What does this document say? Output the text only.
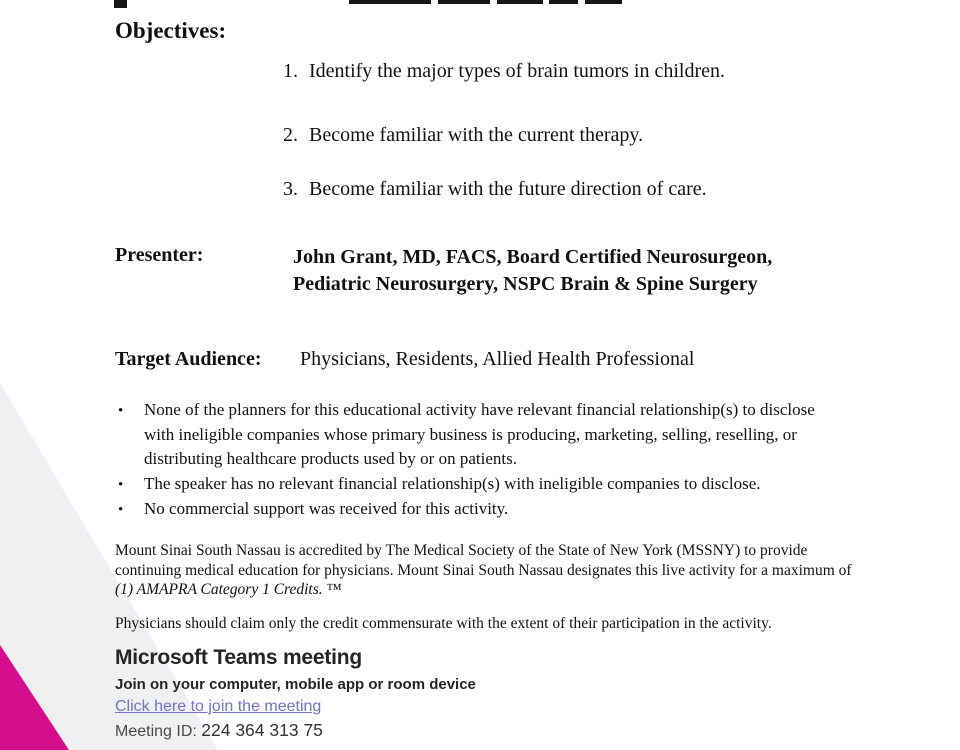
Objectives:
1. Identify the major types of brain tumors in children.
2. Become familiar with the current therapy.
3. Become familiar with the future direction of care.
Presenter:	John Grant, MD, FACS, Board Certified Neurosurgeon,
Pediatric Neurosurgery, NSPC Brain & Spine Surgery
Target Audience: Physicians, Residents, Allied Health Professional
•	None of the planners for this educational activity have relevant financial relationship(s) to disclose with ineligible companies whose primary business is producing, marketing, selling, reselling, or distributing healthcare products used by or on patients.
•	The speaker has no relevant financial relationship(s) with ineligible companies to disclose.
•	No commercial support was received for this activity.
Mount Sinai South Nassau is accredited by The Medical Society of the State of New York (MSSNY) to provide continuing medical education for physicians. Mount Sinai South Nassau designates this live activity for a maximum of
(1) AMAPRA Category 1 Credits. ™
Physicians should claim only the credit commensurate with the extent of their participation in the activity.
Microsoft Teams meeting
Join on your computer, mobile app or room device
Click here to join the meeting
Meeting ID: 224 364 313 75
